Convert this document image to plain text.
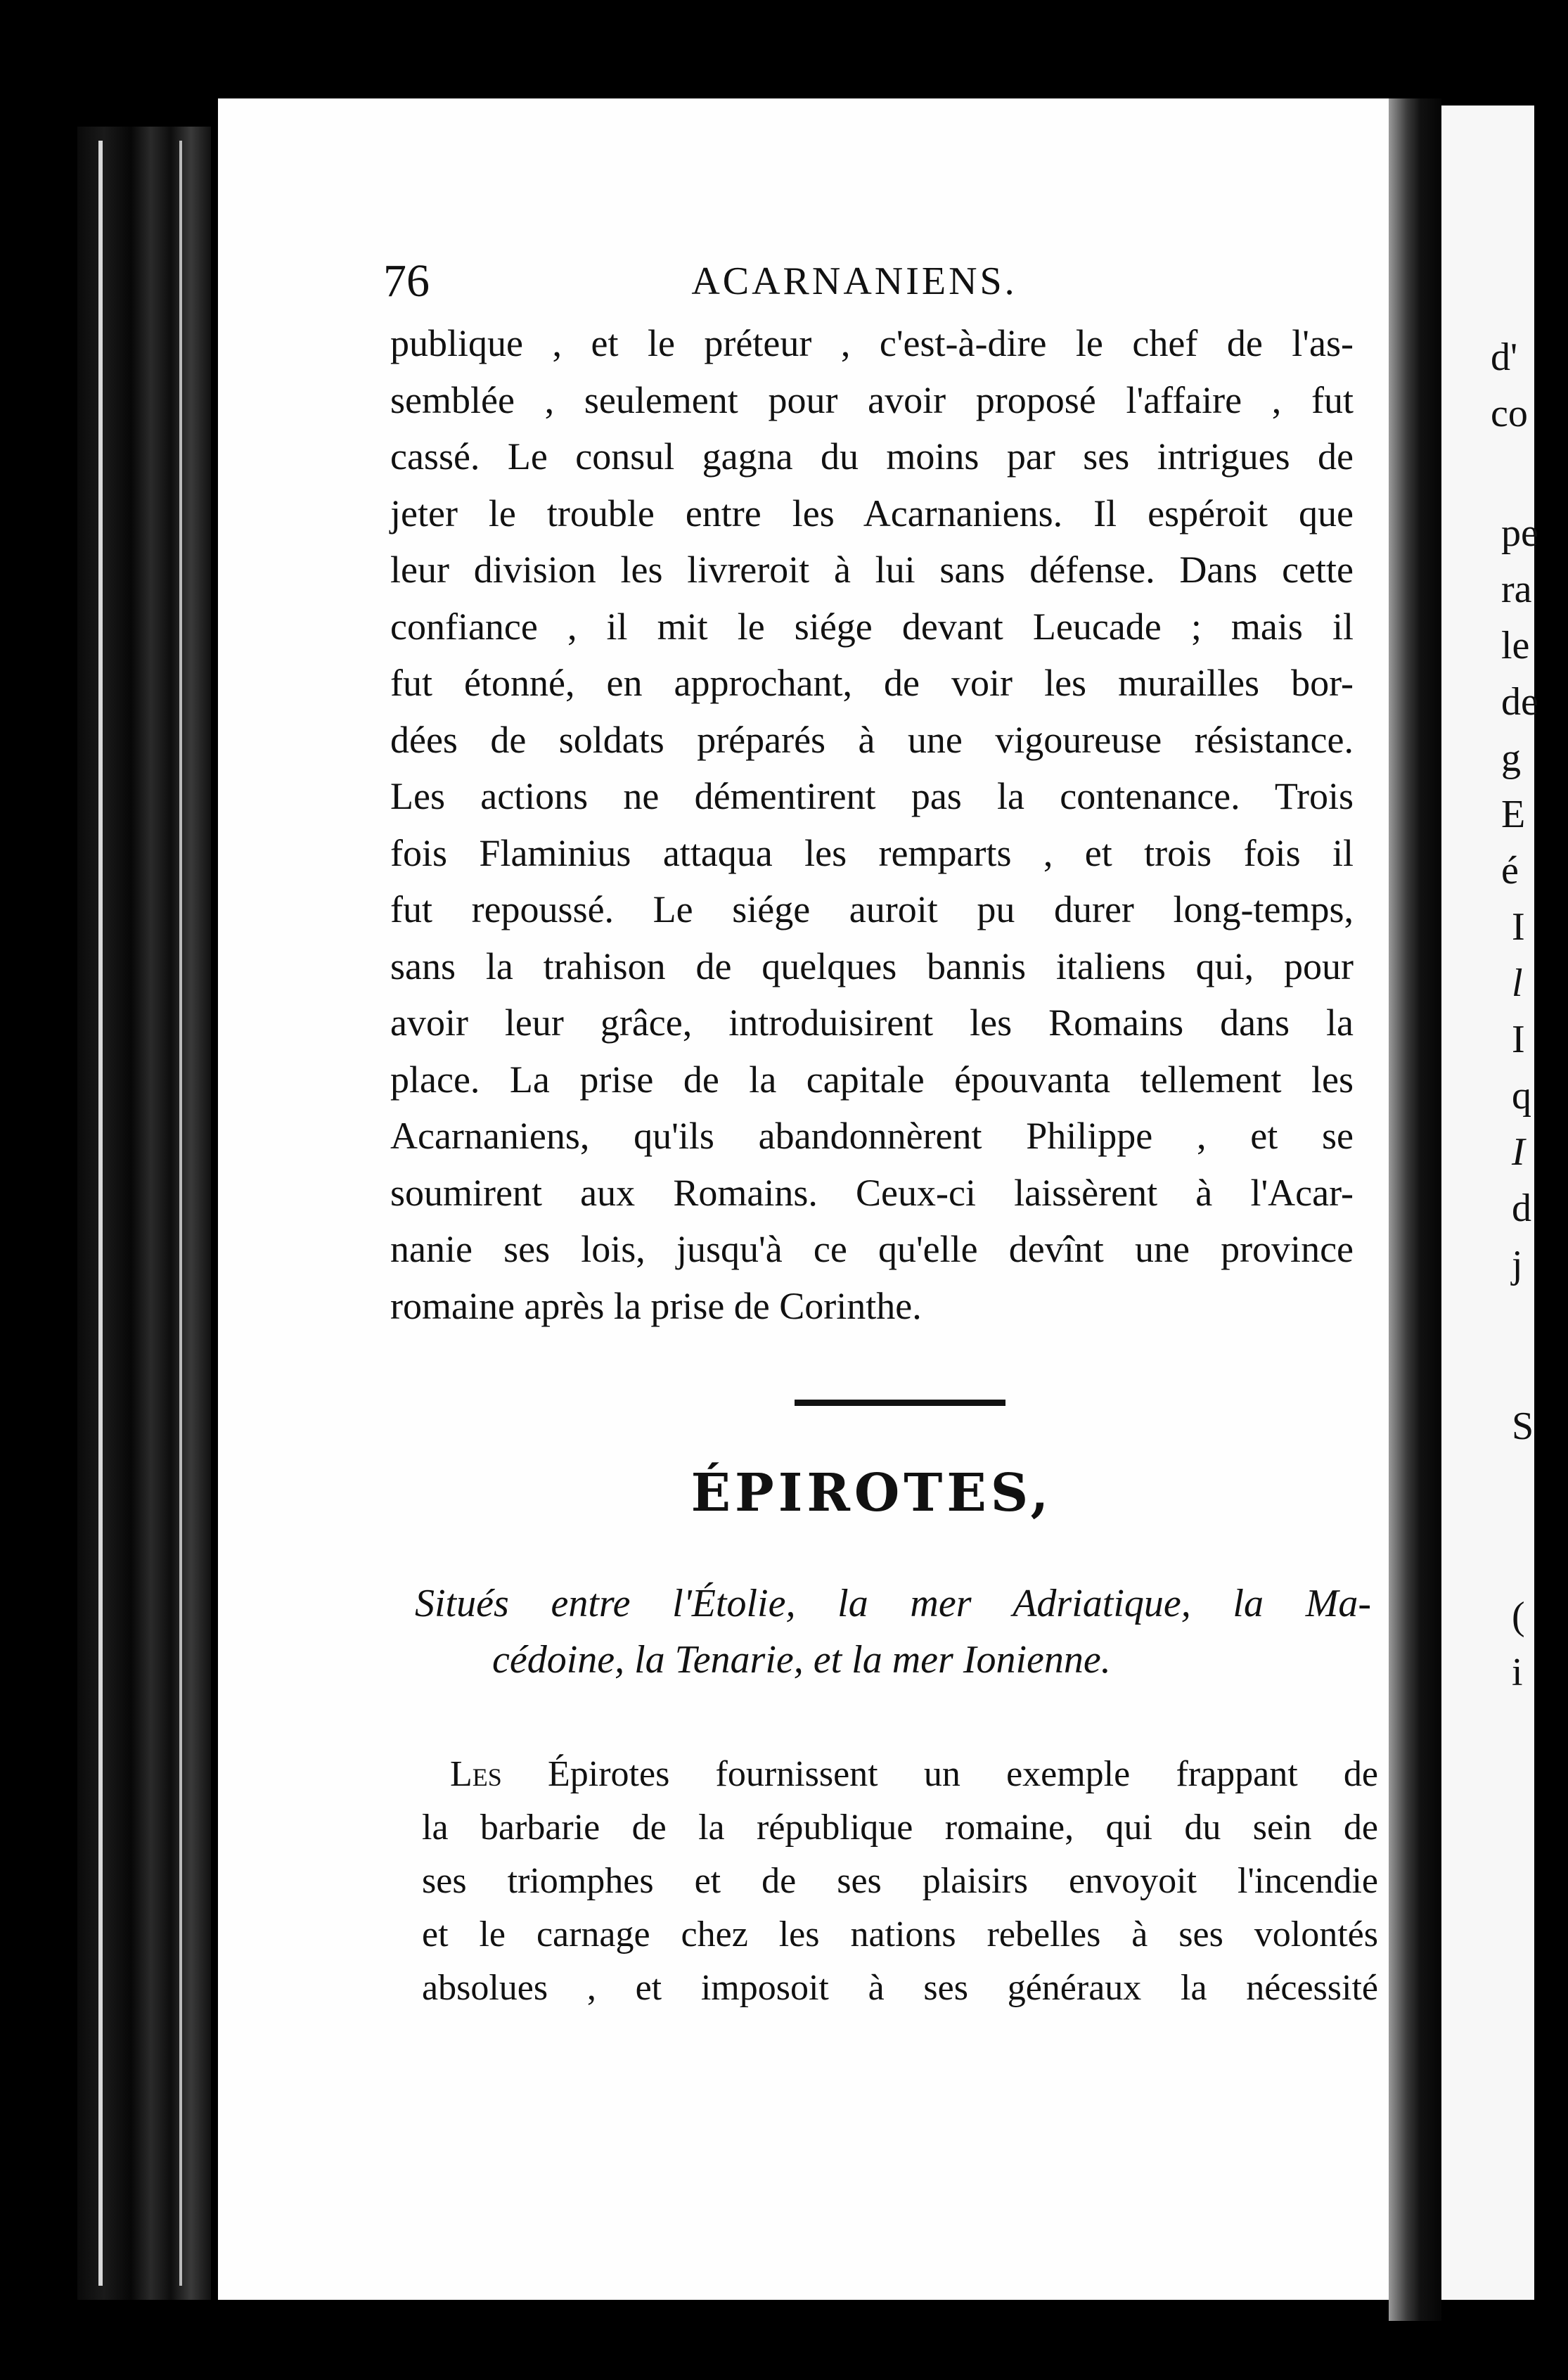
d'
co
pe
ra
le
de
g
E
é
I
l
I
q
I
d
j
S
(
i
76	ACARNANIENS.
publique , et le préteur , c'est-à-dire le chef de l'as-
semblée , seulement pour avoir proposé l'affaire , fut
cassé. Le consul gagna du moins par ses intrigues de
jeter le trouble entre les Acarnaniens. Il espéroit que
leur division les livreroit à lui sans défense. Dans cette
confiance , il mit le siége devant Leucade ; mais il
fut étonné, en approchant, de voir les murailles bor-
dées de soldats préparés à une vigoureuse résistance.
Les actions ne démentirent pas la contenance. Trois
fois Flaminius attaqua les remparts , et trois fois il
fut repoussé. Le siége auroit pu durer long-temps,
sans la trahison de quelques bannis italiens qui, pour
avoir leur grâce, introduisirent les Romains dans la
place. La prise de la capitale épouvanta tellement les
Acarnaniens, qu'ils abandonnèrent Philippe , et se
soumirent aux Romains. Ceux-ci laissèrent à l'Acar-
nanie ses lois, jusqu'à ce qu'elle devînt une province
romaine après la prise de Corinthe.
ÉPIROTES,
Situés entre l'Étolie, la mer Adriatique, la Ma-
cédoine, la Tenarie, et la mer Ionienne.
Les Épirotes fournissent un exemple frappant de
la barbarie de la république romaine, qui du sein de
ses triomphes et de ses plaisirs envoyoit l'incendie
et le carnage chez les nations rebelles à ses volontés
absolues , et imposoit à ses généraux la nécessité
